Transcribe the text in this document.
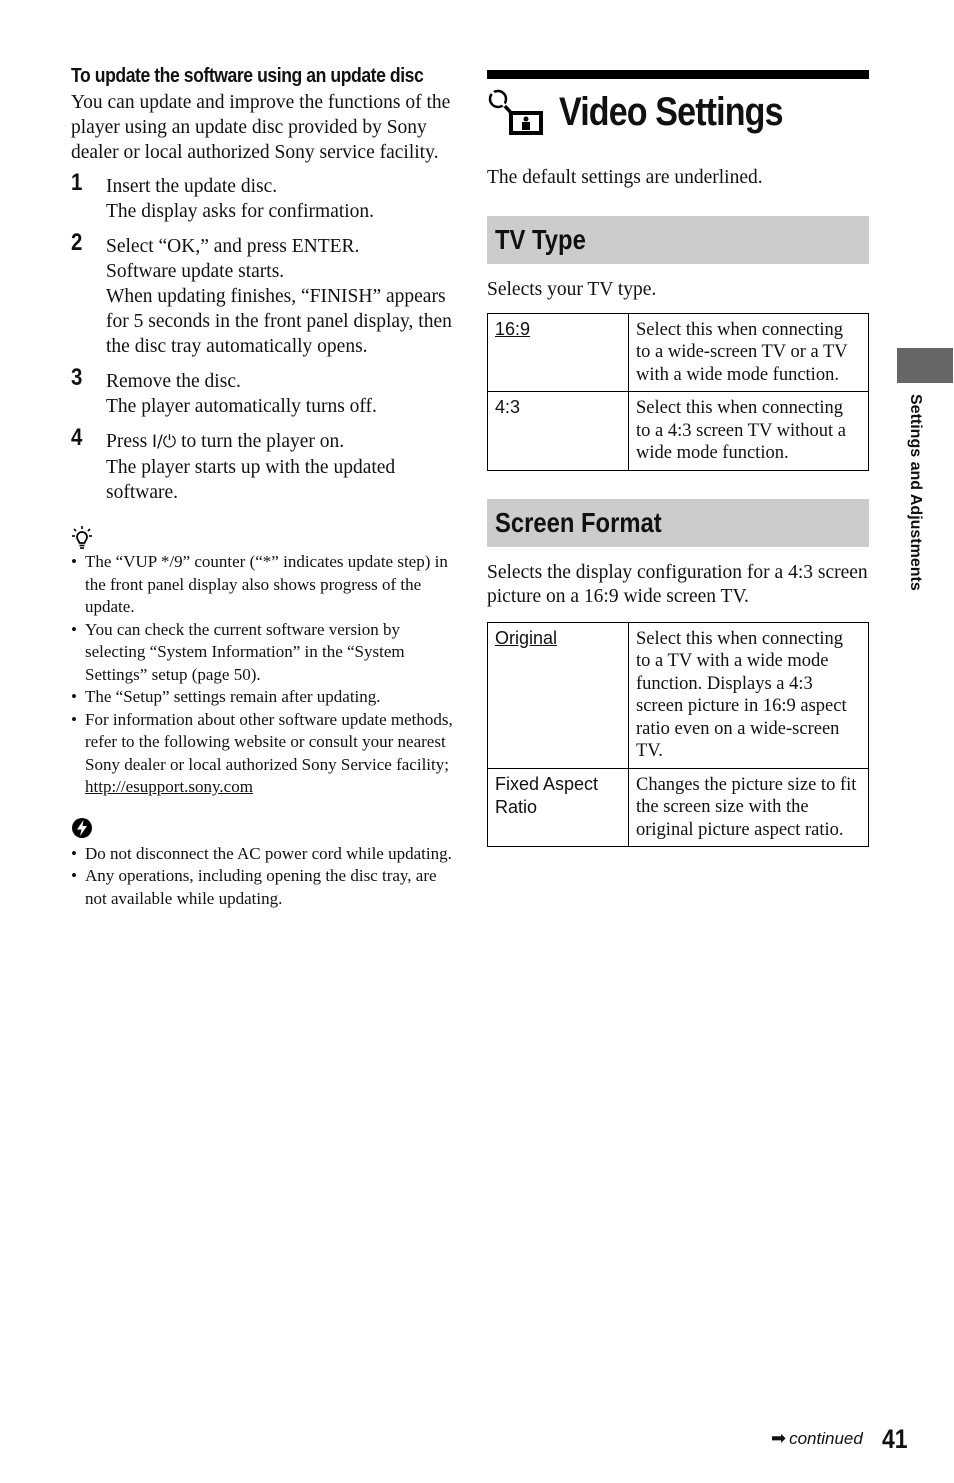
To update the software using an update disc

You can update and improve the functions of the player using an update disc provided by Sony dealer or local authorized Sony service facility.

1 Insert the update disc.

The display asks for confirmation.

2 Select “OK,” and press ENTER.

Software update starts.

When updating finishes, “FINISH” appears for 5 seconds in the front panel display, then the disc tray automatically opens.

3 Remove the disc.

The player automatically turns off.

4 Press I/⏻ to turn the player on.

The player starts up with the updated software.

• The “VUP */9” counter (“*” indicates update step) in the front panel display also shows progress of the update.
• You can check the current software version by selecting “System Information” in the “System Settings” setup (page 50).
• The “Setup” settings remain after updating.
• For information about other software update methods, refer to the following website or consult your nearest Sony dealer or local authorized Sony Service facility;
http://esupport.sony.com
• Do not disconnect the AC power cord while updating.
• Any operations, including opening the disc tray, are not available while updating.
Video Settings

The default settings are underlined.

TV Type

Selects your TV type.

16:9	Select this when connecting to a wide-screen TV or a TV with a wide mode function.
4:3	Select this when connecting to a 4:3 screen TV without a wide mode function.
Screen Format

Selects the display configuration for a 4:3 screen picture on a 16:9 wide screen TV.

Original	Select this when connecting to a TV with a wide mode function. Displays a 4:3 screen picture in 16:9 aspect ratio even on a wide-screen TV.
Fixed Aspect Ratio	Changes the picture size to fit the screen size with the original picture aspect ratio.
Settings and Adjustments
➡ continued 41
